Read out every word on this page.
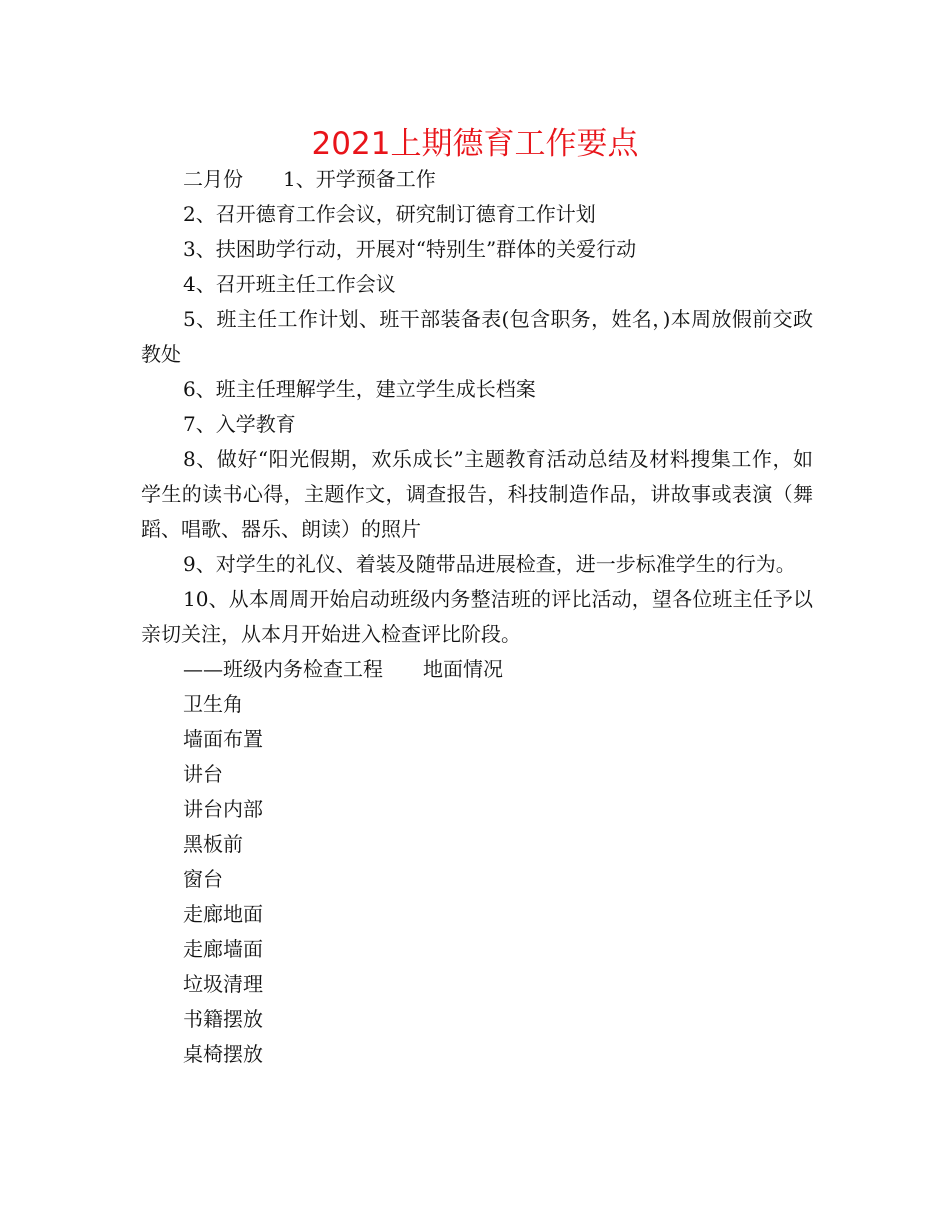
2021上期德育工作要点

二月份 1、开学预备工作

2、召开德育工作会议，研究制订德育工作计划

3、扶困助学行动，开展对“特别生”群体的关爱行动

4、召开班主任工作会议

5、班主任工作计划、班干部装备表(包含职务，姓名，)本周放假前交政教处

6、班主任理解学生，建立学生成长档案

7、入学教育

8、做好“阳光假期，欢乐成长”主题教育活动总结及材料搜集工作，如学生的读书心得，主题作文，调查报告，科技制造作品，讲故事或表演（舞蹈、唱歌、器乐、朗读）的照片

9、对学生的礼仪、着装及随带品进展检查，进一步标准学生的行为。

10、从本周周开始启动班级内务整洁班的评比活动，望各位班主任予以亲切关注，从本月开始进入检查评比阶段。

——班级内务检查工程 地面情况

卫生角

墙面布置

讲台

讲台内部

黑板前

窗台

走廊地面

走廊墙面

垃圾清理

书籍摆放

桌椅摆放
